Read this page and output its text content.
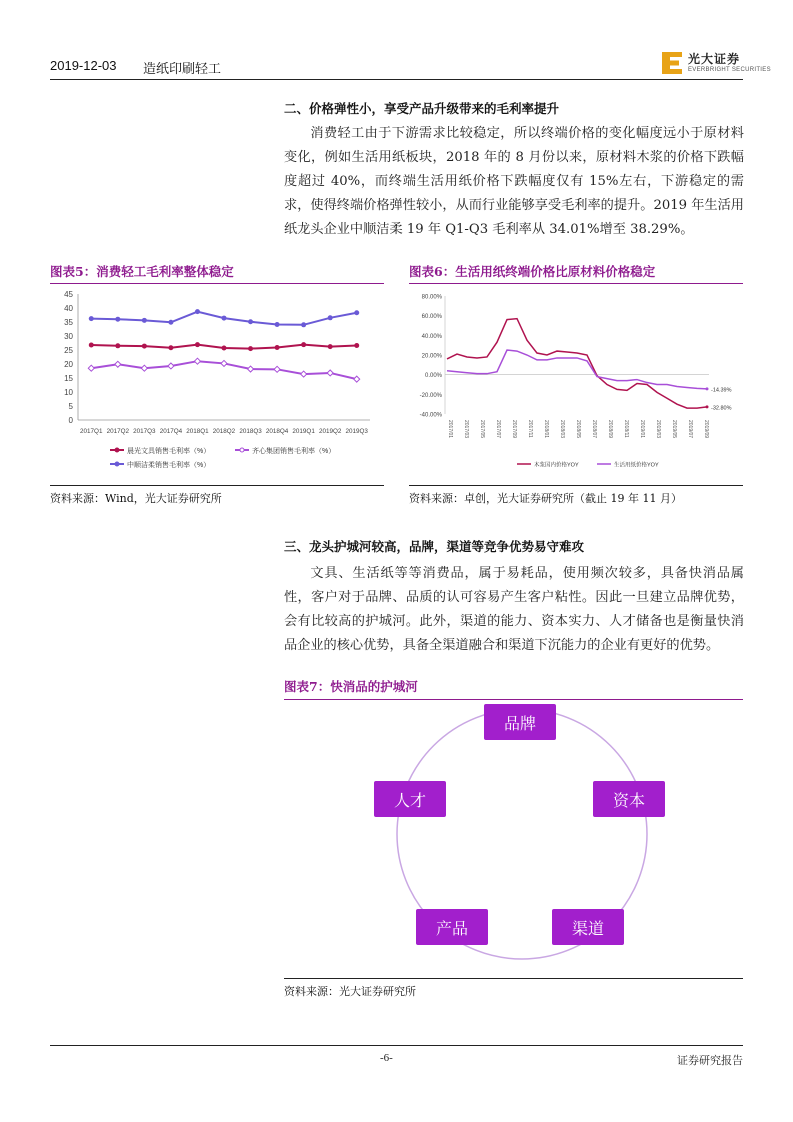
2019-12-03 造纸印刷轻工
光大证券
EVERBRIGHT SECURITIES
二、价格弹性小，享受产品升级带来的毛利率提升
消费轻工由于下游需求比较稳定，所以终端价格的变化幅度远小于原材料变化，例如生活用纸板块，2018 年的 8 月份以来，原材料木浆的价格下跌幅度超过 40%，而终端生活用纸价格下跌幅度仅有 15%左右，下游稳定的需求，使得终端价格弹性较小，从而行业能够享受毛利率的提升。2019 年生活用纸龙头企业中顺洁柔 19 年 Q1-Q3 毛利率从 34.01%增至 38.29%。
图表5：消费轻工毛利率整体稳定
0
5
10
15
20
25
30
35
40
45
2017Q1 2017Q2 2017Q3 2017Q4 2018Q1 2018Q2 2018Q3 2018Q4 2019Q1 2019Q2 2019Q3
晨光文具销售毛利率（%）	齐心集团销售毛利率（%）
中顺洁柔销售毛利率（%）
资料来源：Wind，光大证券研究所
图表6：生活用纸终端价格比原材料价格稳定
-40.00%
-20.00%
0.00%
20.00%
40.00%
60.00%
80.00%
2017/01 2017/03 2017/05 2017/07 2017/09 2017/11 2018/01 2018/03 2018/05 2018/07 2018/09 2018/11 2019/01 2019/03 2019/05 2019/07 2019/09
-32.80%
-14.39%
木浆国内价格YOY	生活用纸价格YOY
资料来源：卓创，光大证券研究所（截止 19 年 11 月）
三、龙头护城河较高，品牌，渠道等竞争优势易守难攻
文具、生活纸等等消费品，属于易耗品，使用频次较多，具备快消品属性，客户对于品牌、品质的认可容易产生客户粘性。因此一旦建立品牌优势，会有比较高的护城河。此外，渠道的能力、资本实力、人才储备也是衡量快消品企业的核心优势，具备全渠道融合和渠道下沉能力的企业有更好的优势。
图表7：快消品的护城河
品牌
资本
渠道
产品
人才
资料来源：光大证券研究所
-6-	证券研究报告
